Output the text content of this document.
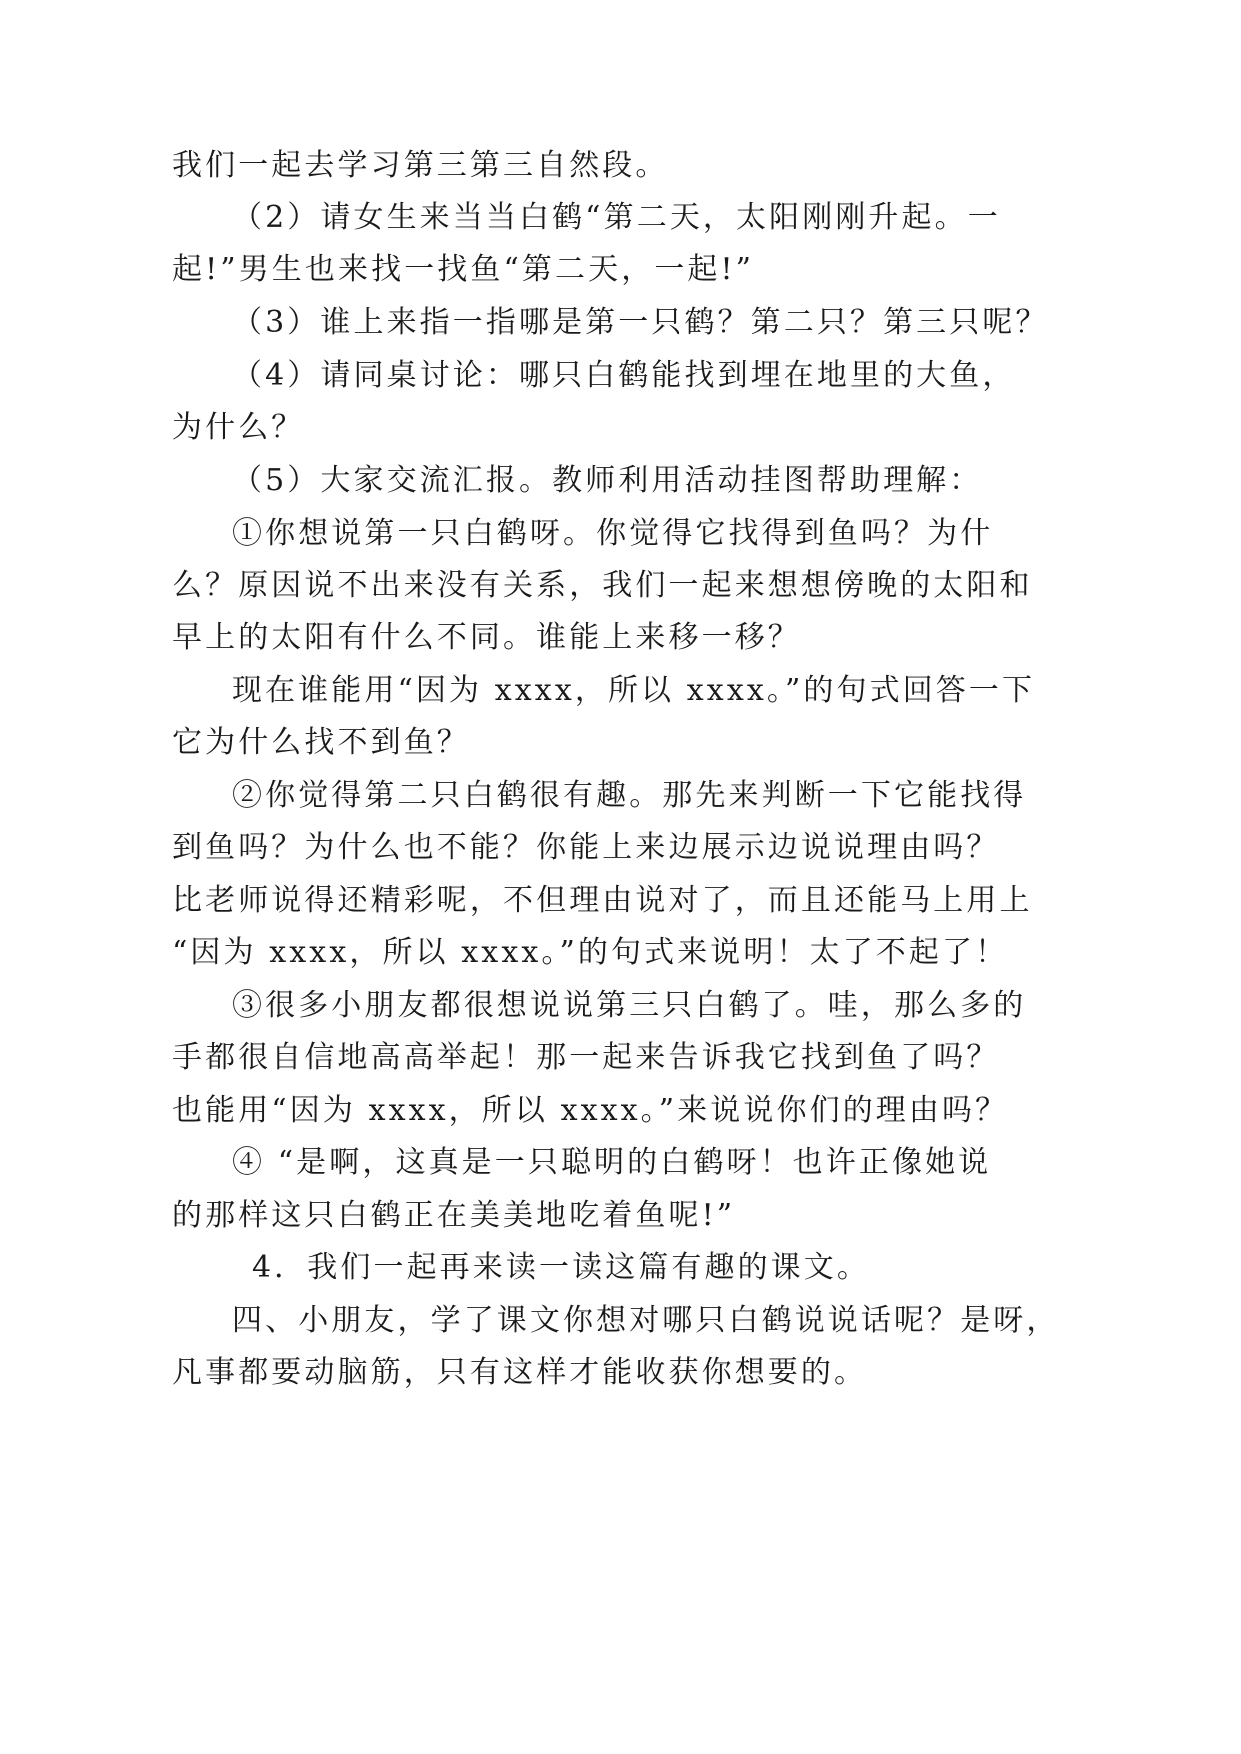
我们一起去学习第三第三自然段。
（2）请女生来当当白鹤“第二天，太阳刚刚升起。一
起!”男生也来找一找鱼“第二天，一起!”
（3）谁上来指一指哪是第一只鹤？第二只？第三只呢？
（4）请同桌讨论：哪只白鹤能找到埋在地里的大鱼，
为什么？
（5）大家交流汇报。教师利用活动挂图帮助理解：
①你想说第一只白鹤呀。你觉得它找得到鱼吗？为什
么？原因说不出来没有关系，我们一起来想想傍晚的太阳和
早上的太阳有什么不同。谁能上来移一移？
现在谁能用“因为 xxxx，所以 xxxx。”的句式回答一下
它为什么找不到鱼？
②你觉得第二只白鹤很有趣。那先来判断一下它能找得
到鱼吗？为什么也不能？你能上来边展示边说说理由吗？
比老师说得还精彩呢，不但理由说对了，而且还能马上用上
“因为 xxxx，所以 xxxx。”的句式来说明！太了不起了！
③很多小朋友都很想说说第三只白鹤了。哇，那么多的
手都很自信地高高举起！那一起来告诉我它找到鱼了吗？
也能用“因为 xxxx，所以 xxxx。”来说说你们的理由吗？
④ “是啊，这真是一只聪明的白鹤呀！也许正像她说
的那样这只白鹤正在美美地吃着鱼呢!”
4．我们一起再来读一读这篇有趣的课文。
四、小朋友，学了课文你想对哪只白鹤说说话呢？是呀，
凡事都要动脑筋，只有这样才能收获你想要的。
